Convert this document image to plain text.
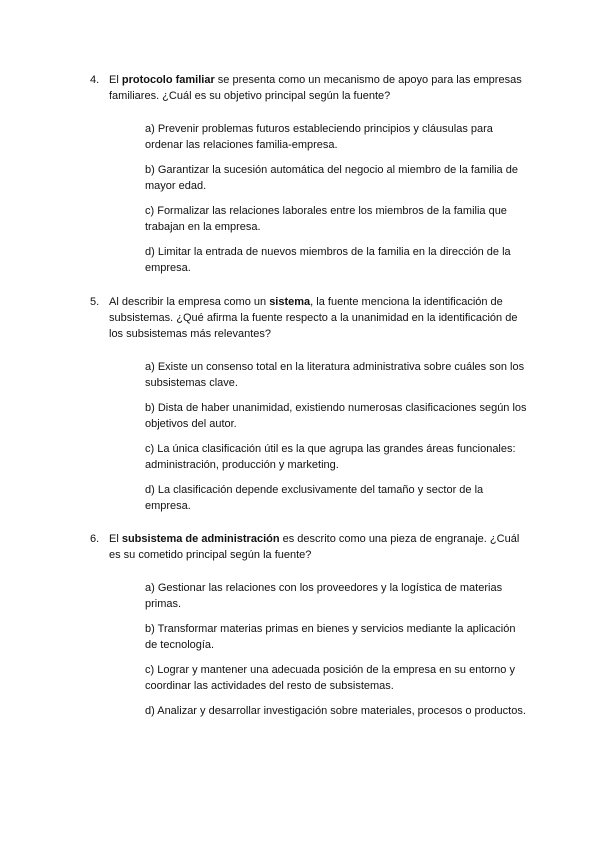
4. El protocolo familiar se presenta como un mecanismo de apoyo para las empresas familiares. ¿Cuál es su objetivo principal según la fuente?
a) Prevenir problemas futuros estableciendo principios y cláusulas para ordenar las relaciones familia-empresa.
b) Garantizar la sucesión automática del negocio al miembro de la familia de mayor edad.
c) Formalizar las relaciones laborales entre los miembros de la familia que trabajan en la empresa.
d) Limitar la entrada de nuevos miembros de la familia en la dirección de la empresa.
5. Al describir la empresa como un sistema, la fuente menciona la identificación de subsistemas. ¿Qué afirma la fuente respecto a la unanimidad en la identificación de los subsistemas más relevantes?
a) Existe un consenso total en la literatura administrativa sobre cuáles son los subsistemas clave.
b) Dista de haber unanimidad, existiendo numerosas clasificaciones según los objetivos del autor.
c) La única clasificación útil es la que agrupa las grandes áreas funcionales: administración, producción y marketing.
d) La clasificación depende exclusivamente del tamaño y sector de la empresa.
6. El subsistema de administración es descrito como una pieza de engranaje. ¿Cuál es su cometido principal según la fuente?
a) Gestionar las relaciones con los proveedores y la logística de materias primas.
b) Transformar materias primas en bienes y servicios mediante la aplicación de tecnología.
c) Lograr y mantener una adecuada posición de la empresa en su entorno y coordinar las actividades del resto de subsistemas.
d) Analizar y desarrollar investigación sobre materiales, procesos o productos.
